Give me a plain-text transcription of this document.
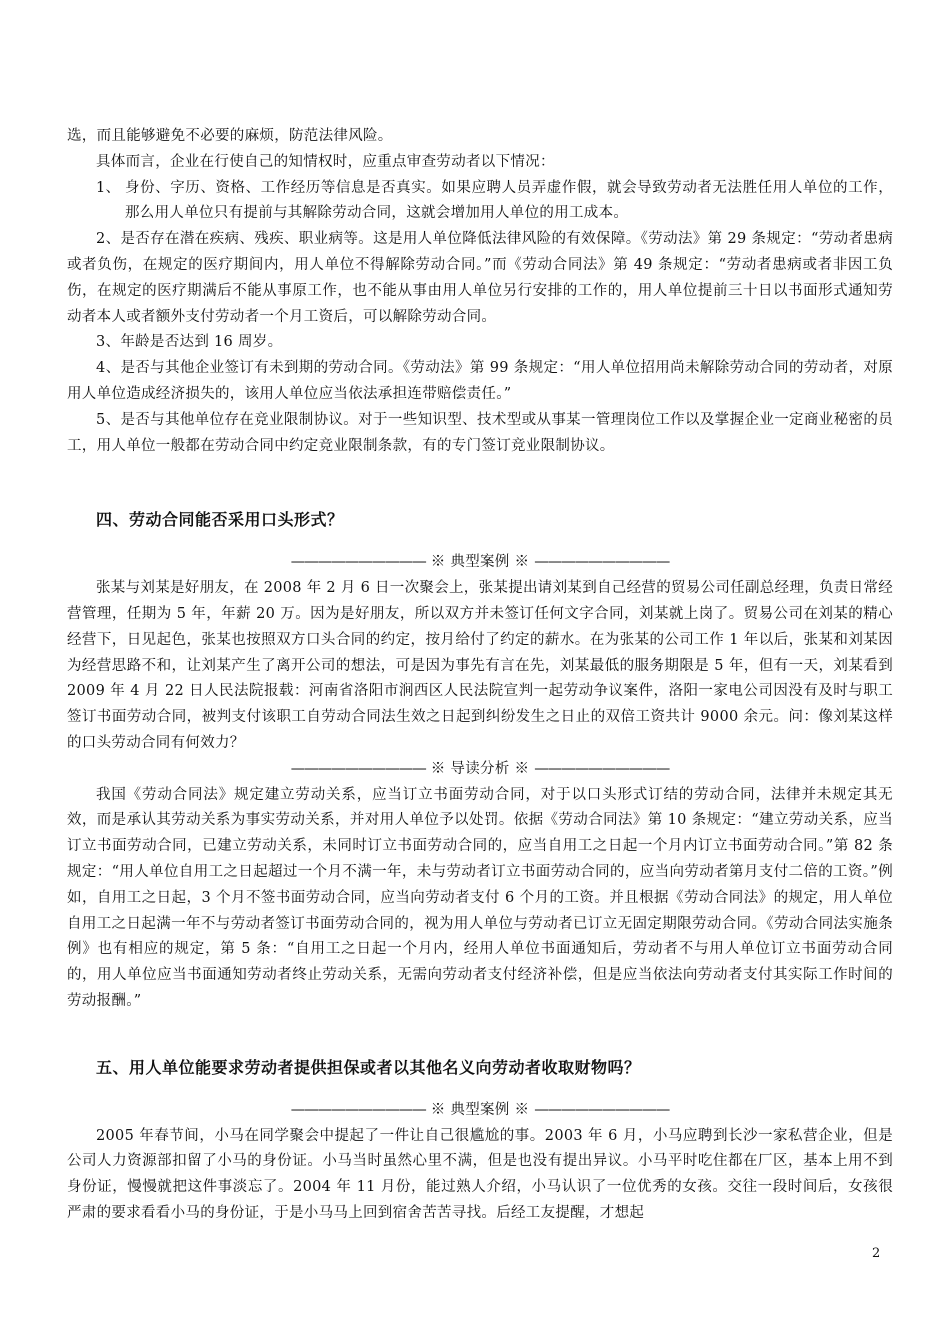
选，而且能够避免不必要的麻烦，防范法律风险。

具体而言，企业在行使自己的知情权时，应重点审查劳动者以下情况：

1、 身份、字历、资格、工作经历等信息是否真实。如果应聘人员弄虚作假，就会导致劳动者无法胜任用人单位的工作，那么用人单位只有提前与其解除劳动合同，这就会增加用人单位的用工成本。

2、是否存在潜在疾病、残疾、职业病等。这是用人单位降低法律风险的有效保障。《劳动法》第 29 条规定：“劳动者患病或者负伤，在规定的医疗期间内，用人单位不得解除劳动合同。”而《劳动合同法》第 49 条规定：“劳动者患病或者非因工负伤，在规定的医疗期满后不能从事原工作，也不能从事由用人单位另行安排的工作的，用人单位提前三十日以书面形式通知劳动者本人或者额外支付劳动者一个月工资后，可以解除劳动合同。

3、年龄是否达到 16 周岁。

4、是否与其他企业签订有未到期的劳动合同。《劳动法》第 99 条规定：“用人单位招用尚未解除劳动合同的劳动者，对原用人单位造成经济损失的，该用人单位应当依法承担连带赔偿责任。”

5、是否与其他单位存在竞业限制协议。对于一些知识型、技术型或从事某一管理岗位工作以及掌握企业一定商业秘密的员工，用人单位一般都在劳动合同中约定竞业限制条款，有的专门签订竞业限制协议。

四、劳动合同能否采用口头形式？

—————————— ※ 典型案例 ※ ——————————

张某与刘某是好朋友，在 2008 年 2 月 6 日一次聚会上，张某提出请刘某到自己经营的贸易公司任副总经理，负责日常经营管理，任期为 5 年，年薪 20 万。因为是好朋友，所以双方并未签订任何文字合同，刘某就上岗了。贸易公司在刘某的精心经营下，日见起色，张某也按照双方口头合同的约定，按月给付了约定的薪水。在为张某的公司工作 1 年以后，张某和刘某因为经营思路不和，让刘某产生了离开公司的想法，可是因为事先有言在先，刘某最低的服务期限是 5 年，但有一天，刘某看到 2009 年 4 月 22 日人民法院报载：河南省洛阳市涧西区人民法院宣判一起劳动争议案件，洛阳一家电公司因没有及时与职工签订书面劳动合同，被判支付该职工自劳动合同法生效之日起到纠纷发生之日止的双倍工资共计 9000 余元。问：像刘某这样的口头劳动合同有何效力？

—————————— ※ 导读分析 ※ ——————————

我国《劳动合同法》规定建立劳动关系，应当订立书面劳动合同，对于以口头形式订结的劳动合同，法律并未规定其无效，而是承认其劳动关系为事实劳动关系，并对用人单位予以处罚。依据《劳动合同法》第 10 条规定：“建立劳动关系，应当订立书面劳动合同，已建立劳动关系，未同时订立书面劳动合同的，应当自用工之日起一个月内订立书面劳动合同。”第 82 条规定：“用人单位自用工之日起超过一个月不满一年，未与劳动者订立书面劳动合同的，应当向劳动者第月支付二倍的工资。”例如，自用工之日起，3 个月不签书面劳动合同，应当向劳动者支付 6 个月的工资。并且根据《劳动合同法》的规定，用人单位自用工之日起满一年不与劳动者签订书面劳动合同的，视为用人单位与劳动者已订立无固定期限劳动合同。《劳动合同法实施条例》也有相应的规定，第 5 条：“自用工之日起一个月内，经用人单位书面通知后，劳动者不与用人单位订立书面劳动合同的，用人单位应当书面通知劳动者终止劳动关系，无需向劳动者支付经济补偿，但是应当依法向劳动者支付其实际工作时间的劳动报酬。”

五、用人单位能要求劳动者提供担保或者以其他名义向劳动者收取财物吗？

—————————— ※ 典型案例 ※ ——————————

2005 年春节间，小马在同学聚会中提起了一件让自己很尴尬的事。2003 年 6 月，小马应聘到长沙一家私营企业，但是公司人力资源部扣留了小马的身份证。小马当时虽然心里不满，但是也没有提出异议。小马平时吃住都在厂区，基本上用不到身份证，慢慢就把这件事淡忘了。2004 年 11 月份，能过熟人介绍，小马认识了一位优秀的女孩。交往一段时间后，女孩很严肃的要求看看小马的身份证，于是小马马上回到宿舍苦苦寻找。后经工友提醒，才想起

2
